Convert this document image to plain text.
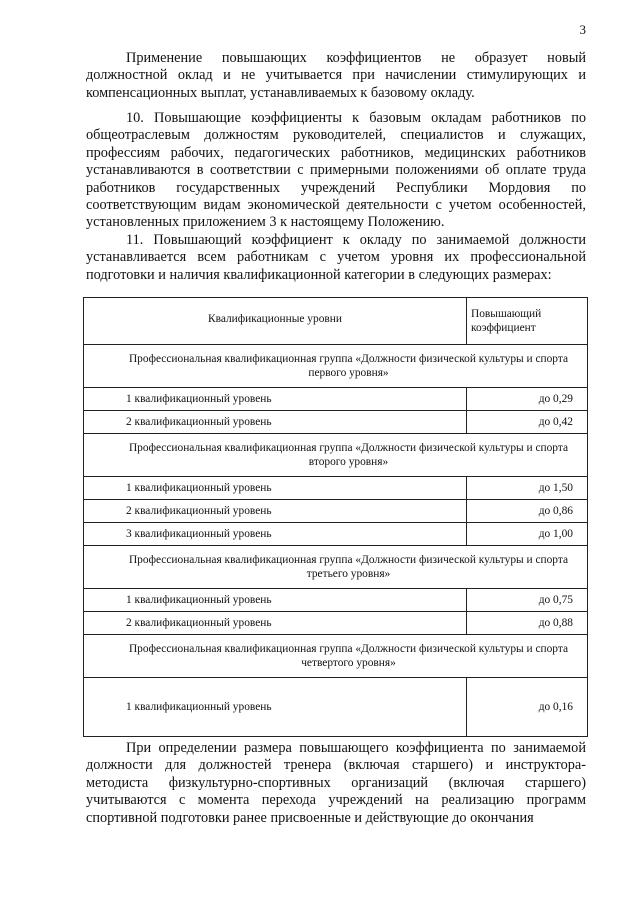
3

Применение повышающих коэффициентов не образует новый должностной оклад и не учитывается при начислении стимулирующих и компенсационных выплат, устанавливаемых к базовому окладу.

10. Повышающие коэффициенты к базовым окладам работников по общеотраслевым должностям руководителей, специалистов и служащих, профессиям рабочих, педагогических работников, медицинских работников устанавливаются в соответствии с примерными положениями об оплате труда работников государственных учреждений Республики Мордовия по соответствующим видам экономической деятельности с учетом особенностей, установленных приложением 3 к настоящему Положению.

11. Повышающий коэффициент к окладу по занимаемой должности устанавливается всем работникам с учетом уровня их профессиональной подготовки и наличия квалификационной категории в следующих размерах:

Квалификационные уровни	Повышающий коэффициент
Профессиональная квалификационная группа «Должности физической культуры и спорта первого уровня»	
1 квалификационный уровень	до 0,29
2 квалификационный уровень	до 0,42
Профессиональная квалификационная группа «Должности физической культуры и спорта второго уровня»	
1 квалификационный уровень	до 1,50
2 квалификационный уровень	до 0,86
3 квалификационный уровень	до 1,00
Профессиональная квалификационная группа «Должности физической культуры и спорта третьего уровня»	
1 квалификационный уровень	до 0,75
2 квалификационный уровень	до 0,88
Профессиональная квалификационная группа «Должности физической культуры и спорта четвертого уровня»	
1 квалификационный уровень	до 0,16

При определении размера повышающего коэффициента по занимаемой должности для должностей тренера (включая старшего) и инструктора-методиста физкультурно-спортивных организаций (включая старшего) учитываются с момента перехода учреждений на реализацию программ спортивной подготовки ранее присвоенные и действующие до окончания
